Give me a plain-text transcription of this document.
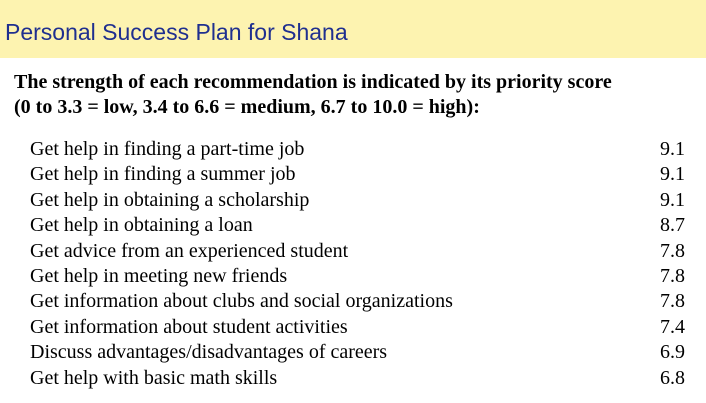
Personal Success Plan for Shana
The strength of each recommendation is indicated by its priority score
(0 to 3.3 = low, 3.4 to 6.6 = medium, 6.7 to 10.0 = high):
Get help in finding a part-time job	9.1
Get help in finding a summer job	9.1
Get help in obtaining a scholarship	9.1
Get help in obtaining a loan	8.7
Get advice from an experienced student	7.8
Get help in meeting new friends	7.8
Get information about clubs and social organizations	7.8
Get information about student activities	7.4
Discuss advantages/disadvantages of careers	6.9
Get help with basic math skills	6.8
